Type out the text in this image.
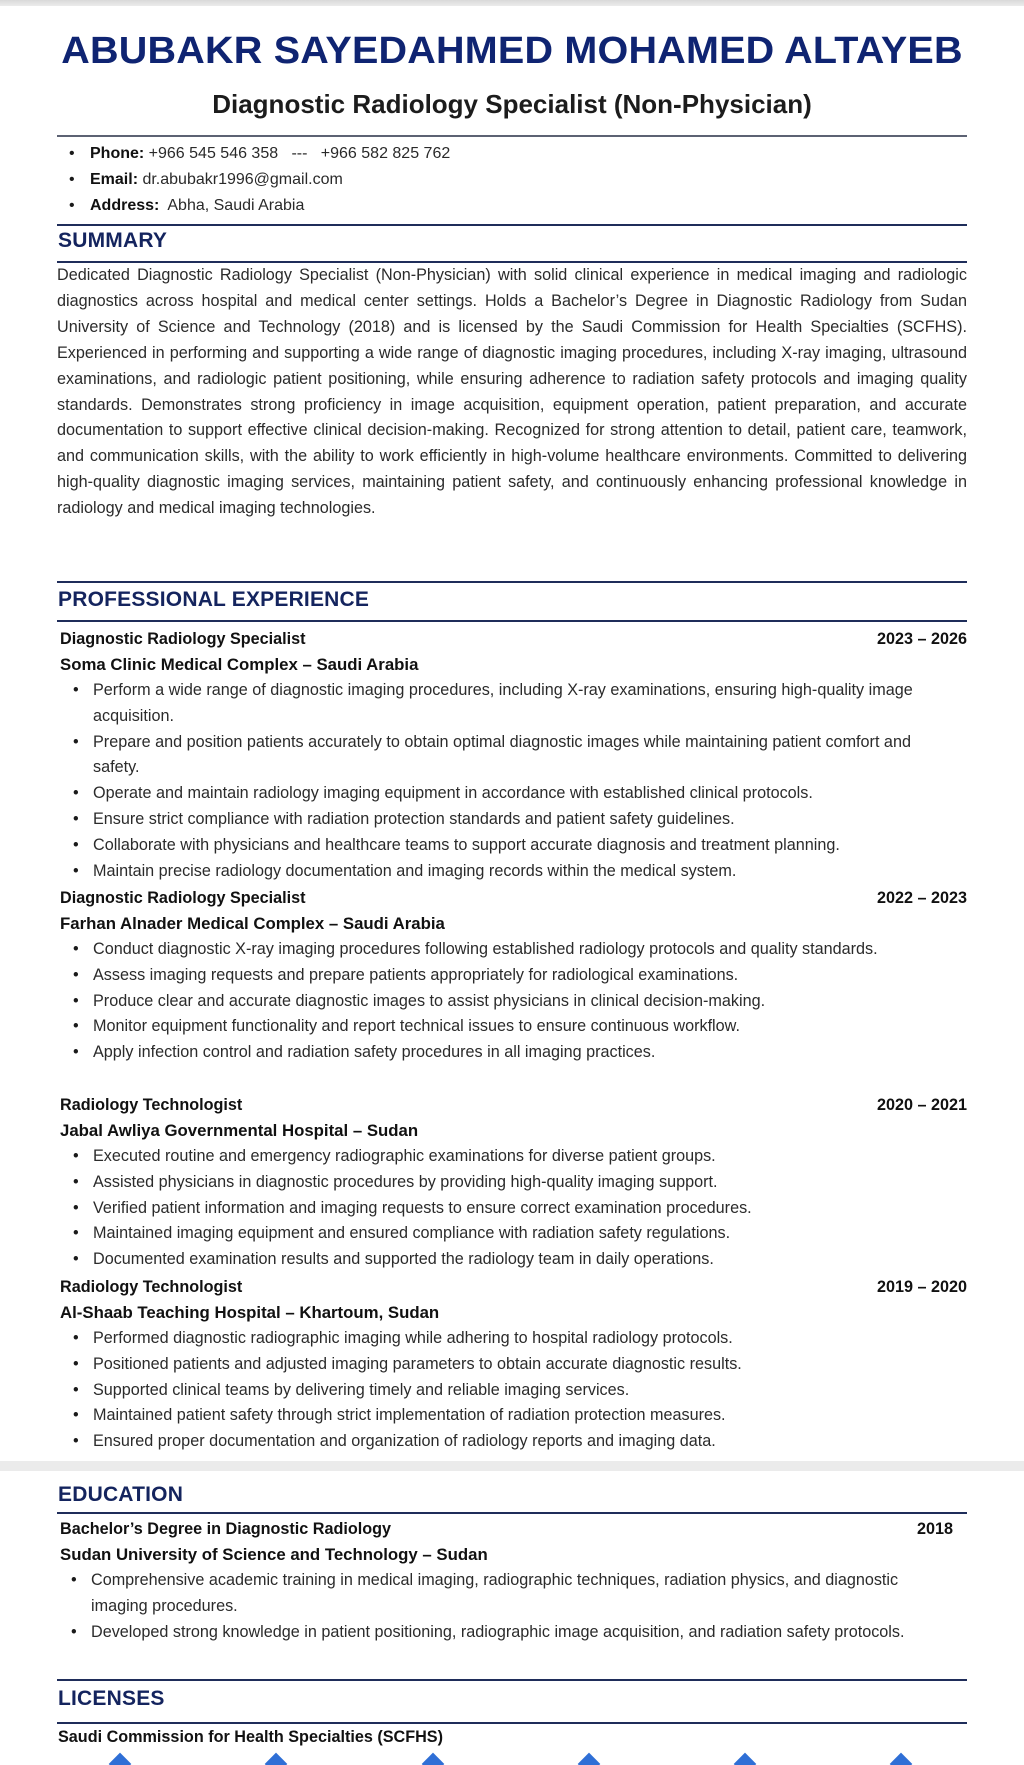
ABUBAKR SAYEDAHMED MOHAMED ALTAYEB
Diagnostic Radiology Specialist (Non-Physician)
• Phone: +966 545 546 358   ---   +966 582 825 762
• Email: dr.abubakr1996@gmail.com
• Address:  Abha, Saudi Arabia
SUMMARY

Dedicated Diagnostic Radiology Specialist (Non-Physician) with solid clinical experience in medical imaging and radiologic diagnostics across hospital and medical center settings. Holds a Bachelor’s Degree in Diagnostic Radiology from Sudan University of Science and Technology (2018) and is licensed by the Saudi Commission for Health Specialties (SCFHS). Experienced in performing and supporting a wide range of diagnostic imaging procedures, including X-ray imaging, ultrasound examinations, and radiologic patient positioning, while ensuring adherence to radiation safety protocols and imaging quality standards. Demonstrates strong proficiency in image acquisition, equipment operation, patient preparation, and accurate documentation to support effective clinical decision-making. Recognized for strong attention to detail, patient care, teamwork, and communication skills, with the ability to work efficiently in high-volume healthcare environments. Committed to delivering high-quality diagnostic imaging services, maintaining patient safety, and continuously enhancing professional knowledge in radiology and medical imaging technologies.

PROFESSIONAL EXPERIENCE
Diagnostic Radiology Specialist	2023 – 2026
Soma Clinic Medical Complex – Saudi Arabia
• Perform a wide range of diagnostic imaging procedures, including X-ray examinations, ensuring high-quality image acquisition.
• Prepare and position patients accurately to obtain optimal diagnostic images while maintaining patient comfort and safety.
• Operate and maintain radiology imaging equipment in accordance with established clinical protocols.
• Ensure strict compliance with radiation protection standards and patient safety guidelines.
• Collaborate with physicians and healthcare teams to support accurate diagnosis and treatment planning.
• Maintain precise radiology documentation and imaging records within the medical system.
Diagnostic Radiology Specialist	2022 – 2023
Farhan Alnader Medical Complex – Saudi Arabia
• Conduct diagnostic X-ray imaging procedures following established radiology protocols and quality standards.
• Assess imaging requests and prepare patients appropriately for radiological examinations.
• Produce clear and accurate diagnostic images to assist physicians in clinical decision-making.
• Monitor equipment functionality and report technical issues to ensure continuous workflow.
• Apply infection control and radiation safety procedures in all imaging practices.
Radiology Technologist	2020 – 2021
Jabal Awliya Governmental Hospital – Sudan
• Executed routine and emergency radiographic examinations for diverse patient groups.
• Assisted physicians in diagnostic procedures by providing high-quality imaging support.
• Verified patient information and imaging requests to ensure correct examination procedures.
• Maintained imaging equipment and ensured compliance with radiation safety regulations.
• Documented examination results and supported the radiology team in daily operations.
Radiology Technologist	2019 – 2020
Al-Shaab Teaching Hospital – Khartoum, Sudan
• Performed diagnostic radiographic imaging while adhering to hospital radiology protocols.
• Positioned patients and adjusted imaging parameters to obtain accurate diagnostic results.
• Supported clinical teams by delivering timely and reliable imaging services.
• Maintained patient safety through strict implementation of radiation protection measures.
• Ensured proper documentation and organization of radiology reports and imaging data.
EDUCATION
Bachelor’s Degree in Diagnostic Radiology	2018
Sudan University of Science and Technology – Sudan
• Comprehensive academic training in medical imaging, radiographic techniques, radiation physics, and diagnostic imaging procedures.
• Developed strong knowledge in patient positioning, radiographic image acquisition, and radiation safety protocols.
LICENSES
Saudi Commission for Health Specialties (SCFHS)
